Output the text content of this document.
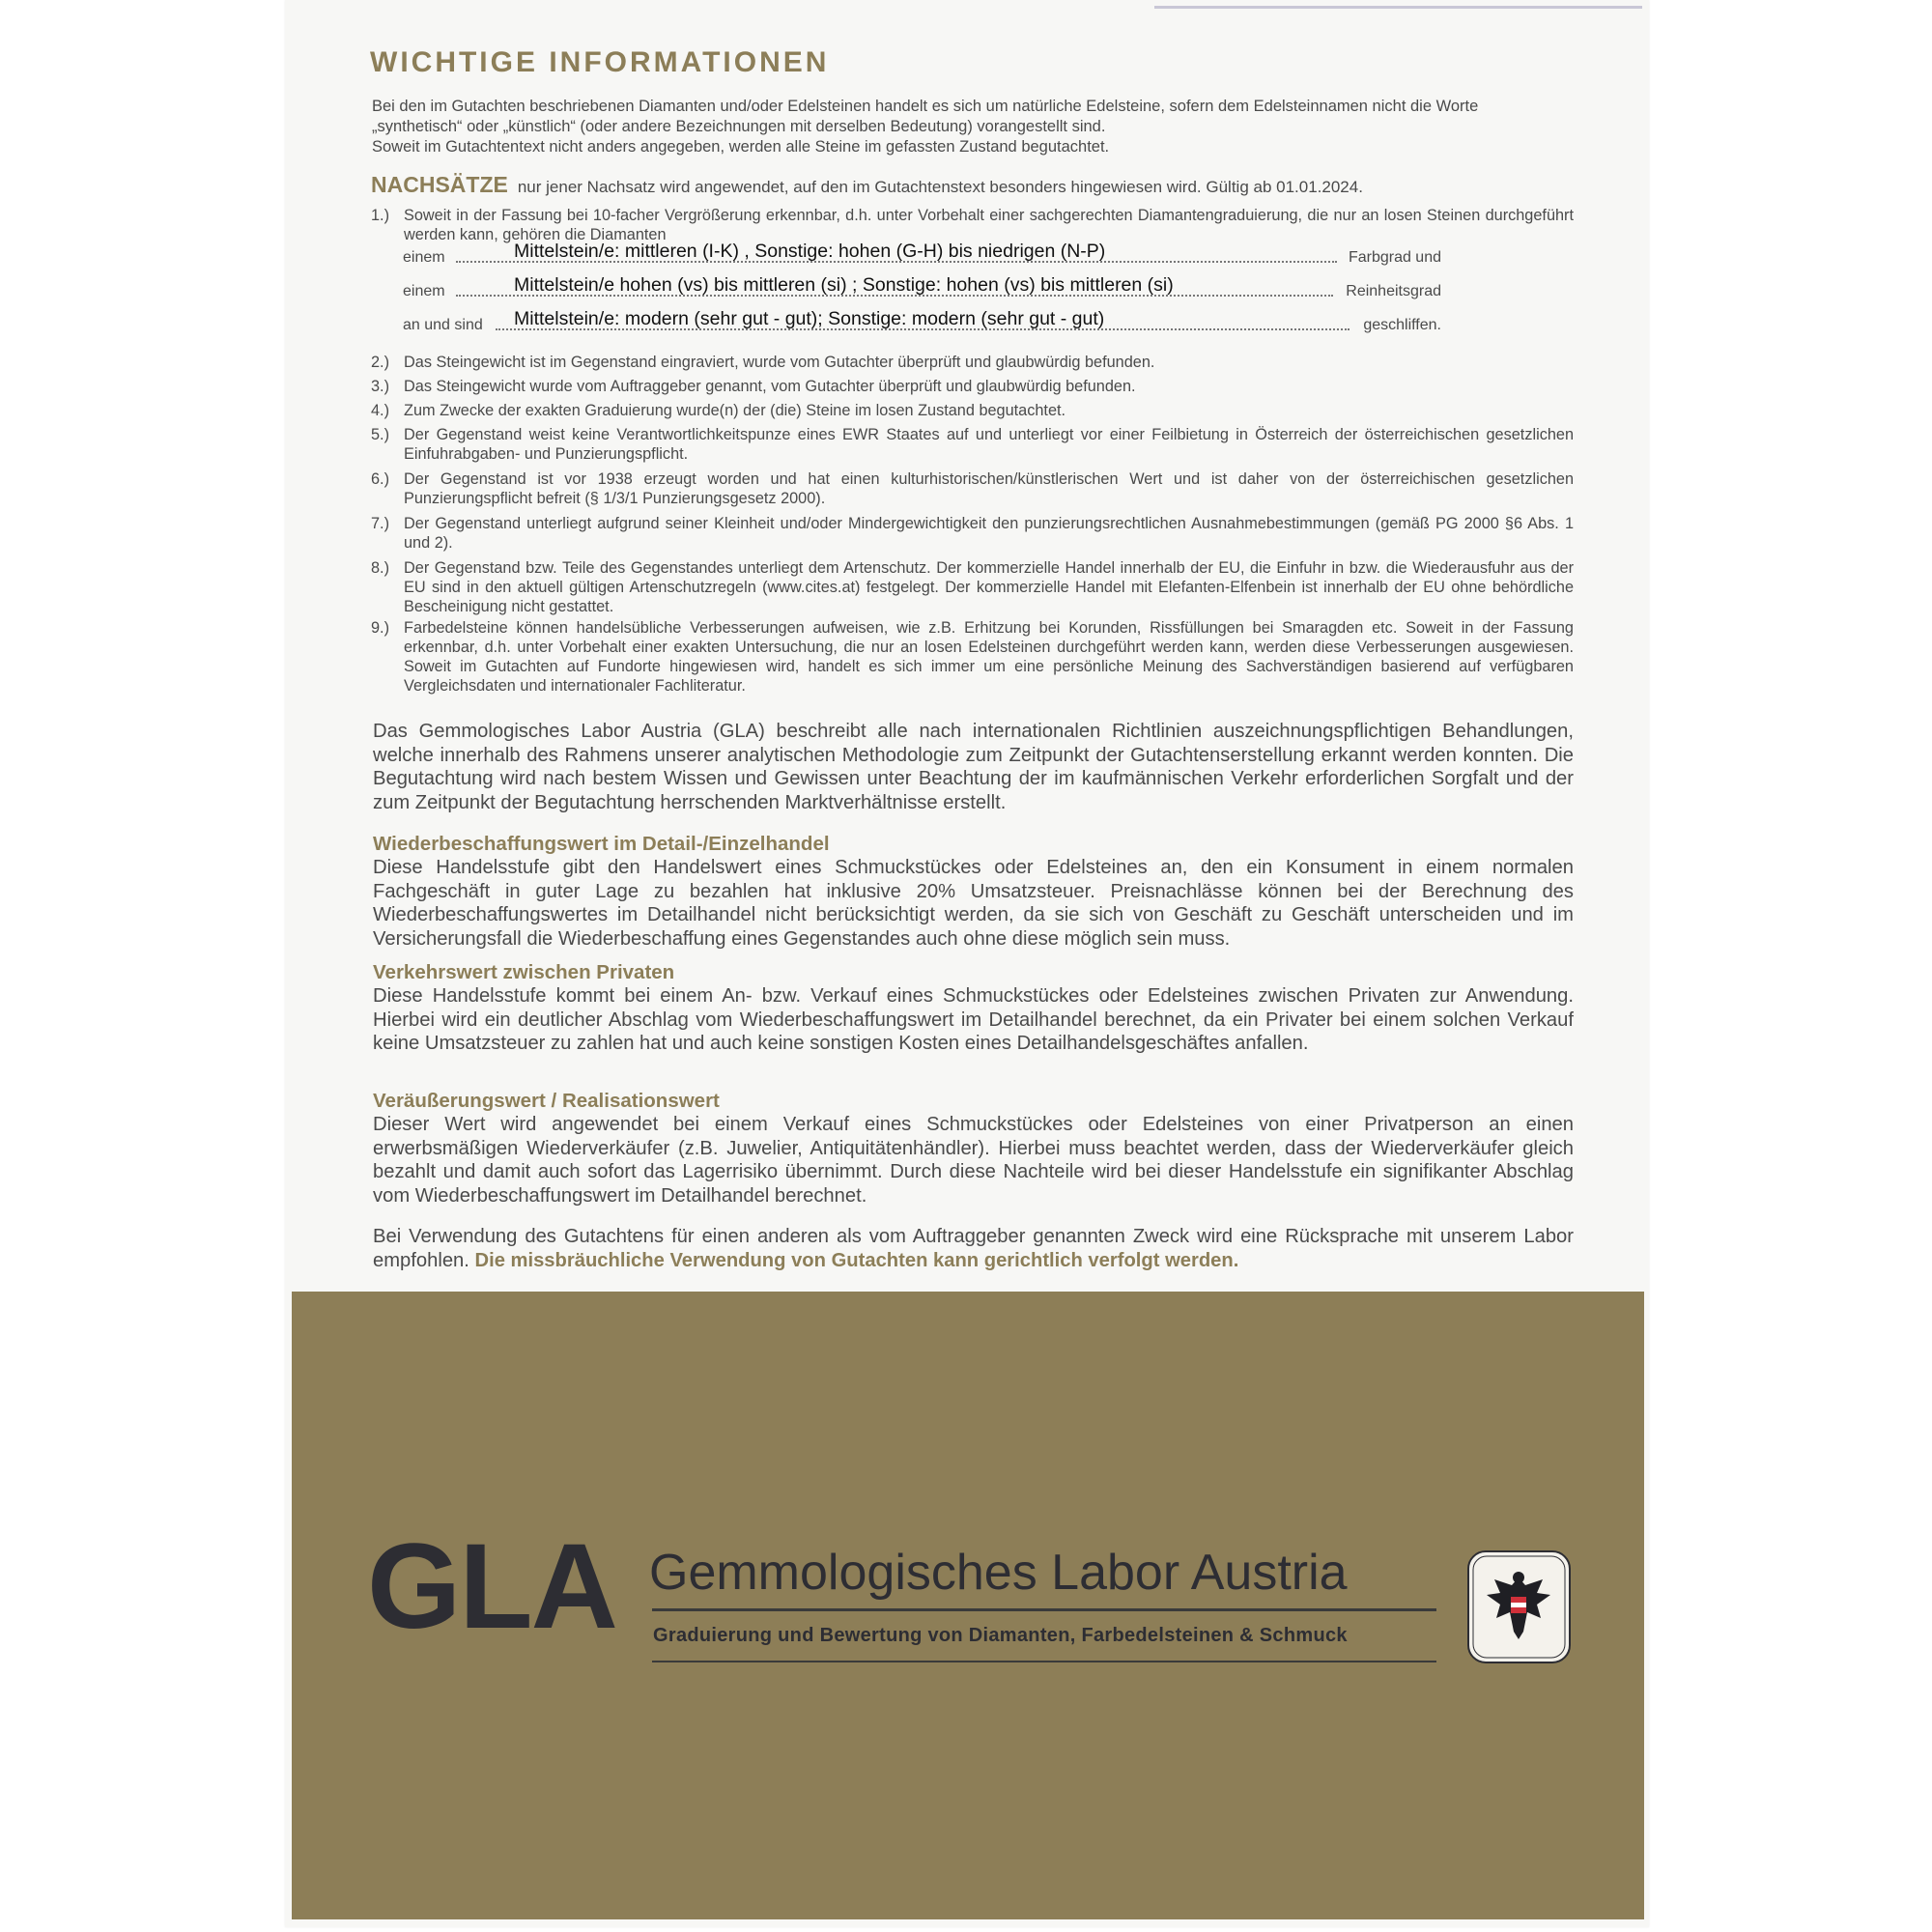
WICHTIGE INFORMATIONEN
Bei den im Gutachten beschriebenen Diamanten und/oder Edelsteinen handelt es sich um natürliche Edelsteine, sofern dem Edelsteinnamen nicht die Worte
„synthetisch“ oder „künstlich“ (oder andere Bezeichnungen mit derselben Bedeutung) vorangestellt sind.
Soweit im Gutachtentext nicht anders angegeben, werden alle Steine im gefassten Zustand begutachtet.
NACHSÄTZE nur jener Nachsatz wird angewendet, auf den im Gutachtenstext besonders hingewiesen wird. Gültig ab 01.01.2024.
1.) Soweit in der Fassung bei 10-facher Vergrößerung erkennbar, d.h. unter Vorbehalt einer sachgerechten Diamantengraduierung, die nur an losen Steinen durchgeführt werden kann, gehören die Diamanten
einem	Mittelstein/e: mittleren (I-K) , Sonstige: hohen (G-H) bis niedrigen (N-P)	Farbgrad und
einem	Mittelstein/e hohen (vs) bis mittleren (si) ; Sonstige: hohen (vs) bis mittleren (si)	Reinheitsgrad
an und sind Mittelstein/e: modern (sehr gut - gut); Sonstige: modern (sehr gut - gut)	geschliffen.
2.) Das Steingewicht ist im Gegenstand eingraviert, wurde vom Gutachter überprüft und glaubwürdig befunden.
3.) Das Steingewicht wurde vom Auftraggeber genannt, vom Gutachter überprüft und glaubwürdig befunden.
4.) Zum Zwecke der exakten Graduierung wurde(n) der (die) Steine im losen Zustand begutachtet.
5.) Der Gegenstand weist keine Verantwortlichkeitspunze eines EWR Staates auf und unterliegt vor einer Feilbietung in Österreich der österreichischen gesetzlichen Einfuhrabgaben- und Punzierungspflicht.
6.) Der Gegenstand ist vor 1938 erzeugt worden und hat einen kulturhistorischen/künstlerischen Wert und ist daher von der österreichischen gesetzlichen Punzierungspflicht befreit (§ 1/3/1 Punzierungsgesetz 2000).
7.) Der Gegenstand unterliegt aufgrund seiner Kleinheit und/oder Mindergewichtigkeit den punzierungsrechtlichen Ausnahmebestimmungen (gemäß PG 2000 §6 Abs. 1 und 2).
8.) Der Gegenstand bzw. Teile des Gegenstandes unterliegt dem Artenschutz. Der kommerzielle Handel innerhalb der EU, die Einfuhr in bzw. die Wiederausfuhr aus der EU sind in den aktuell gültigen Artenschutzregeln (www.cites.at) festgelegt. Der kommerzielle Handel mit Elefanten-Elfenbein ist innerhalb der EU ohne behördliche Bescheinigung nicht gestattet.
9.) Farbedelsteine können handelsübliche Verbesserungen aufweisen, wie z.B. Erhitzung bei Korunden, Rissfüllungen bei Smaragden etc. Soweit in der Fassung erkennbar, d.h. unter Vorbehalt einer exakten Untersuchung, die nur an losen Edelsteinen durchgeführt werden kann, werden diese Verbesserungen ausgewiesen. Soweit im Gutachten auf Fundorte hingewiesen wird, handelt es sich immer um eine persönliche Meinung des Sachverständigen basierend auf verfügbaren Vergleichsdaten und internationaler Fachliteratur.
Das Gemmologisches Labor Austria (GLA) beschreibt alle nach internationalen Richtlinien auszeichnungspflichtigen Behandlungen, welche innerhalb des Rahmens unserer analytischen Methodologie zum Zeitpunkt der Gutachtenserstellung erkannt werden konnten. Die Begutachtung wird nach bestem Wissen und Gewissen unter Beachtung der im kaufmännischen Verkehr erforderlichen Sorgfalt und der zum Zeitpunkt der Begutachtung herrschenden Marktverhältnisse erstellt.
Wiederbeschaffungswert im Detail-/Einzelhandel
Diese Handelsstufe gibt den Handelswert eines Schmuckstückes oder Edelsteines an, den ein Konsument in einem normalen Fachgeschäft in guter Lage zu bezahlen hat inklusive 20% Umsatzsteuer. Preisnachlässe können bei der Berechnung des Wiederbeschaffungswertes im Detailhandel nicht berücksichtigt werden, da sie sich von Geschäft zu Geschäft unterscheiden und im Versicherungsfall die Wiederbeschaffung eines Gegenstandes auch ohne diese möglich sein muss.
Verkehrswert zwischen Privaten
Diese Handelsstufe kommt bei einem An- bzw. Verkauf eines Schmuckstückes oder Edelsteines zwischen Privaten zur Anwendung. Hierbei wird ein deutlicher Abschlag vom Wiederbeschaffungswert im Detailhandel berechnet, da ein Privater bei einem solchen Verkauf keine Umsatzsteuer zu zahlen hat und auch keine sonstigen Kosten eines Detailhandelsgeschäftes anfallen.
Veräußerungswert / Realisationswert
Dieser Wert wird angewendet bei einem Verkauf eines Schmuckstückes oder Edelsteines von einer Privatperson an einen erwerbsmäßigen Wiederverkäufer (z.B. Juwelier, Antiquitätenhändler). Hierbei muss beachtet werden, dass der Wiederverkäufer gleich bezahlt und damit auch sofort das Lagerrisiko übernimmt. Durch diese Nachteile wird bei dieser Handelsstufe ein signifikanter Abschlag vom Wiederbeschaffungswert im Detailhandel berechnet.
Bei Verwendung des Gutachtens für einen anderen als vom Auftraggeber genannten Zweck wird eine Rücksprache mit unserem Labor empfohlen. Die missbräuchliche Verwendung von Gutachten kann gerichtlich verfolgt werden.
GLA Gemmologisches Labor Austria
Graduierung und Bewertung von Diamanten, Farbedelsteinen & Schmuck
